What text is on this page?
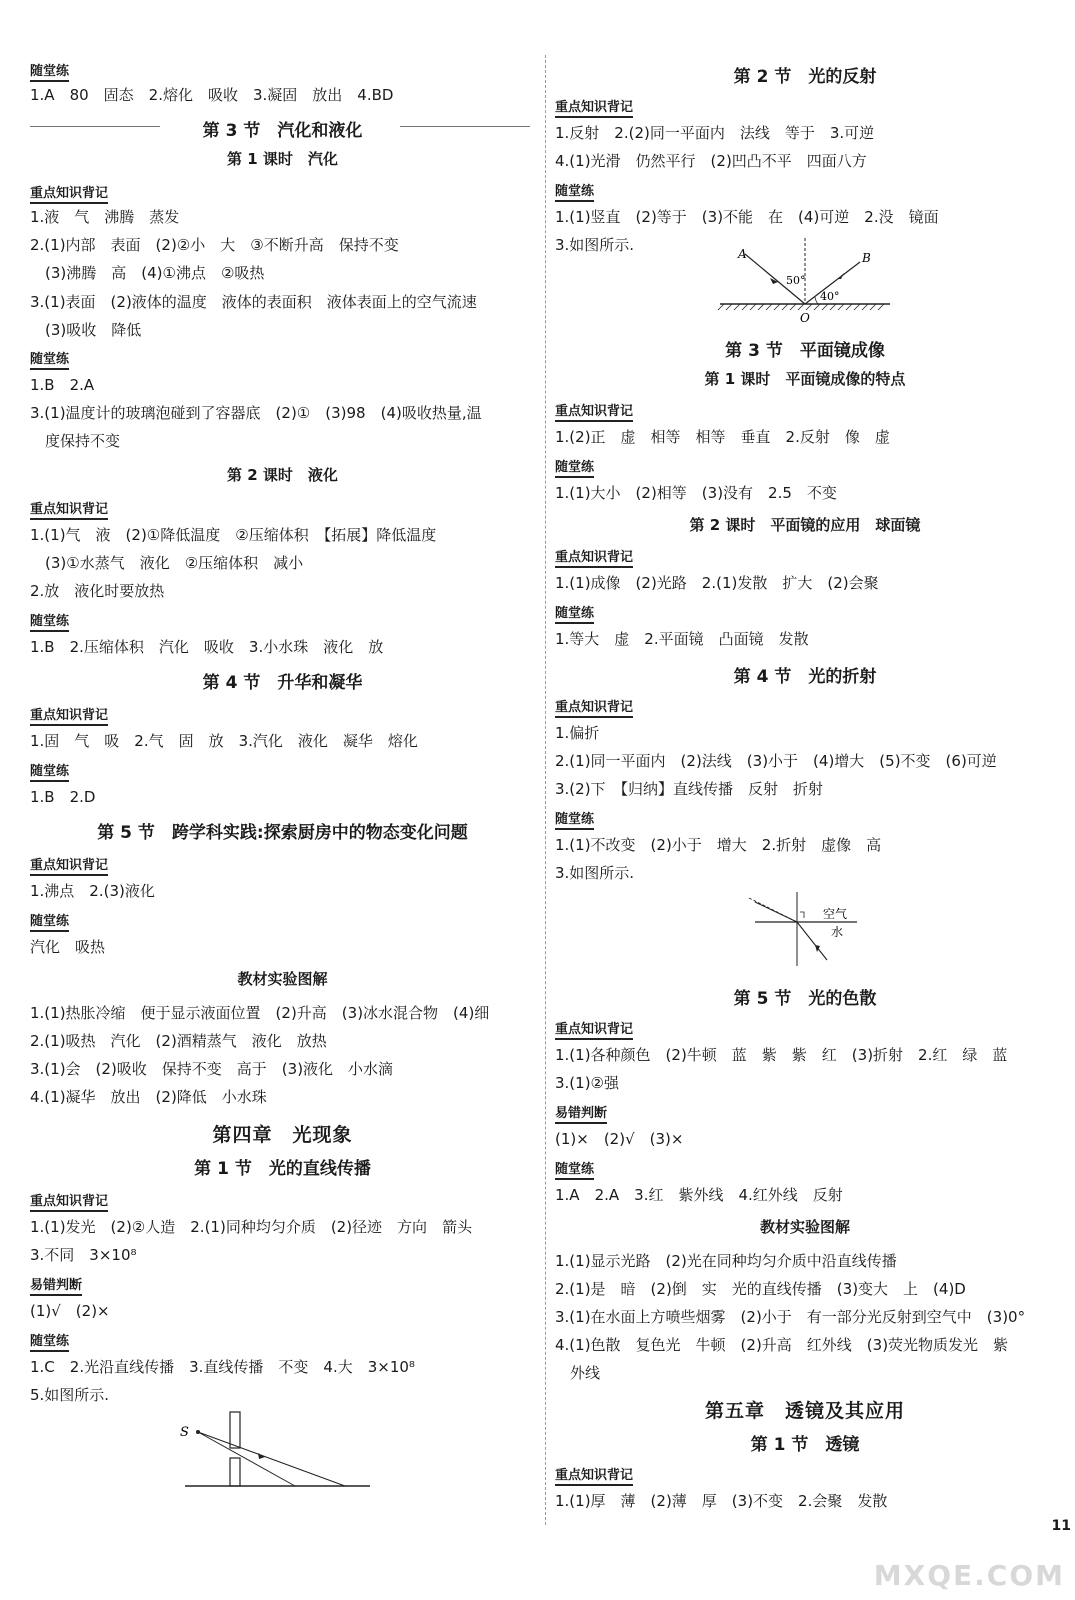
随堂练
1.A　80　固态　2.熔化　吸收　3.凝固　放出　4.BD
第 3 节　汽化和液化
第 1 课时　汽化
重点知识背记
1.液　气　沸腾　蒸发
2.(1)内部　表面　(2)②小　大　③不断升高　保持不变
　(3)沸腾　高　(4)①沸点　②吸热
3.(1)表面　(2)液体的温度　液体的表面积　液体表面上的空气流速
　(3)吸收　降低
随堂练
1.B　2.A
3.(1)温度计的玻璃泡碰到了容器底　(2)①　(3)98　(4)吸收热量,温
　度保持不变
第 2 课时　液化
重点知识背记
1.(1)气　液　(2)①降低温度　②压缩体积　【拓展】降低温度
　(3)①水蒸气　液化　②压缩体积　减小
2.放　液化时要放热
随堂练
1.B　2.压缩体积　汽化　吸收　3.小水珠　液化　放
第 4 节　升华和凝华
重点知识背记
1.固　气　吸　2.气　固　放　3.汽化　液化　凝华　熔化
随堂练
1.B　2.D
第 5 节　跨学科实践:探索厨房中的物态变化问题
重点知识背记
1.沸点　2.(3)液化
随堂练
汽化　吸热
教材实验图解
1.(1)热胀冷缩　便于显示液面位置　(2)升高　(3)冰水混合物　(4)细
2.(1)吸热　汽化　(2)酒精蒸气　液化　放热
3.(1)会　(2)吸收　保持不变　高于　(3)液化　小水滴
4.(1)凝华　放出　(2)降低　小水珠
第四章　光现象
第 1 节　光的直线传播
重点知识背记
1.(1)发光　(2)②人造　2.(1)同种均匀介质　(2)径迹　方向　箭头
3.不同　3×10⁸
易错判断
(1)√　(2)×
随堂练
1.C　2.光沿直线传播　3.直线传播　不变　4.大　3×10⁸
5.如图所示.
S
第 2 节　光的反射
重点知识背记
1.反射　2.(2)同一平面内　法线　等于　3.可逆
4.(1)光滑　仍然平行　(2)凹凸不平　四面八方
随堂练
1.(1)竖直　(2)等于　(3)不能　在　(4)可逆　2.没　镜面
3.如图所示.	A	B
O
50°
40°
第 3 节　平面镜成像
第 1 课时　平面镜成像的特点
重点知识背记
1.(2)正　虚　相等　相等　垂直　2.反射　像　虚
随堂练
1.(1)大小　(2)相等　(3)没有　2.5　不变
第 2 课时　平面镜的应用　球面镜
重点知识背记
1.(1)成像　(2)光路　2.(1)发散　扩大　(2)会聚
随堂练
1.等大　虚　2.平面镜　凸面镜　发散
第 4 节　光的折射
重点知识背记
1.偏折
2.(1)同一平面内　(2)法线　(3)小于　(4)增大　(5)不变　(6)可逆
3.(2)下　【归纳】直线传播　反射　折射
随堂练
1.(1)不改变　(2)小于　增大　2.折射　虚像　高
3.如图所示.
空气
水
第 5 节　光的色散
重点知识背记
1.(1)各种颜色　(2)牛顿　蓝　紫　紫　红　(3)折射　2.红　绿　蓝
3.(1)②强
易错判断
(1)×　(2)√　(3)×
随堂练
1.A　2.A　3.红　紫外线　4.红外线　反射
教材实验图解
1.(1)显示光路　(2)光在同种均匀介质中沿直线传播
2.(1)是　暗　(2)倒　实　光的直线传播　(3)变大　上　(4)D
3.(1)在水面上方喷些烟雾　(2)小于　有一部分光反射到空气中　(3)0°
4.(1)色散　复色光　牛顿　(2)升高　红外线　(3)荧光物质发光　紫
　外线
第五章　透镜及其应用
第 1 节　透镜
重点知识背记
1.(1)厚　薄　(2)薄　厚　(3)不变　2.会聚　发散
11
MXQE.COM
